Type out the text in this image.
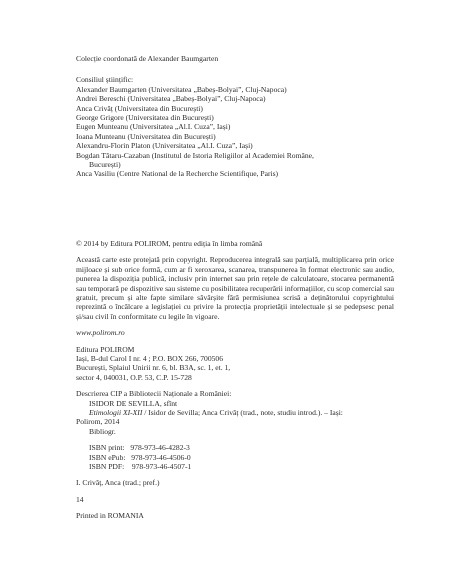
Colecție coordonată de Alexander Baumgarten
Consiliul științific:
Alexander Baumgarten (Universitatea „Babeș-Bolyai”, Cluj-Napoca)
Andrei Bereschi (Universitatea „Babeș-Bolyai”, Cluj-Napoca)
Anca Crivăț (Universitatea din București)
George Grigore (Universitatea din București)
Eugen Munteanu (Universitatea „Al.I. Cuza”, Iași)
Ioana Munteanu (Universitatea din București)
Alexandru-Florin Platon (Universitatea „Al.I. Cuza”, Iași)
Bogdan Tătaru-Cazaban (Institutul de Istoria Religiilor al Academiei Române,
București)
Anca Vasiliu (Centre National de la Recherche Scientifique, Paris)
© 2014 by Editura POLIROM, pentru ediția în limba română
Această carte este protejată prin copyright. Reproducerea integrală sau parțială, multiplicarea prin orice mijloace și sub orice formă, cum ar fi xeroxarea, scanarea, transpunerea în format electronic sau audio, punerea la dispoziția publică, inclusiv prin internet sau prin rețele de calculatoare, stocarea permanentă sau temporară pe dispozitive sau sisteme cu posibilitatea recuperării informațiilor, cu scop comercial sau gratuit, precum și alte fapte similare săvârșite fără permisiunea scrisă a deținătorului copyrightului reprezintă o încălcare a legislației cu privire la protecția proprietății intelectuale și se pedepsesc penal și/sau civil în conformitate cu legile în vigoare.
www.polirom.ro
Editura POLIROM
Iași, B-dul Carol I nr. 4 ; P.O. BOX 266, 700506
București, Splaiul Unirii nr. 6, bl. B3A, sc. 1, et. 1,
sector 4, 040031, O.P. 53, C.P. 15-728
Descrierea CIP a Bibliotecii Naționale a României:
ISIDOR DE SEVILLA, sfînt
Etimologii XI-XII / Isidor de Sevilla; Anca Crivăț (trad., note, studiu introd.). – Iași:
Polirom, 2014
Bibliogr.
ISBN print:   978-973-46-4282-3
ISBN ePub:   978-973-46-4506-0
ISBN PDF:    978-973-46-4507-1
I. Crivăț, Anca (trad.; pref.)
14
Printed in ROMANIA
